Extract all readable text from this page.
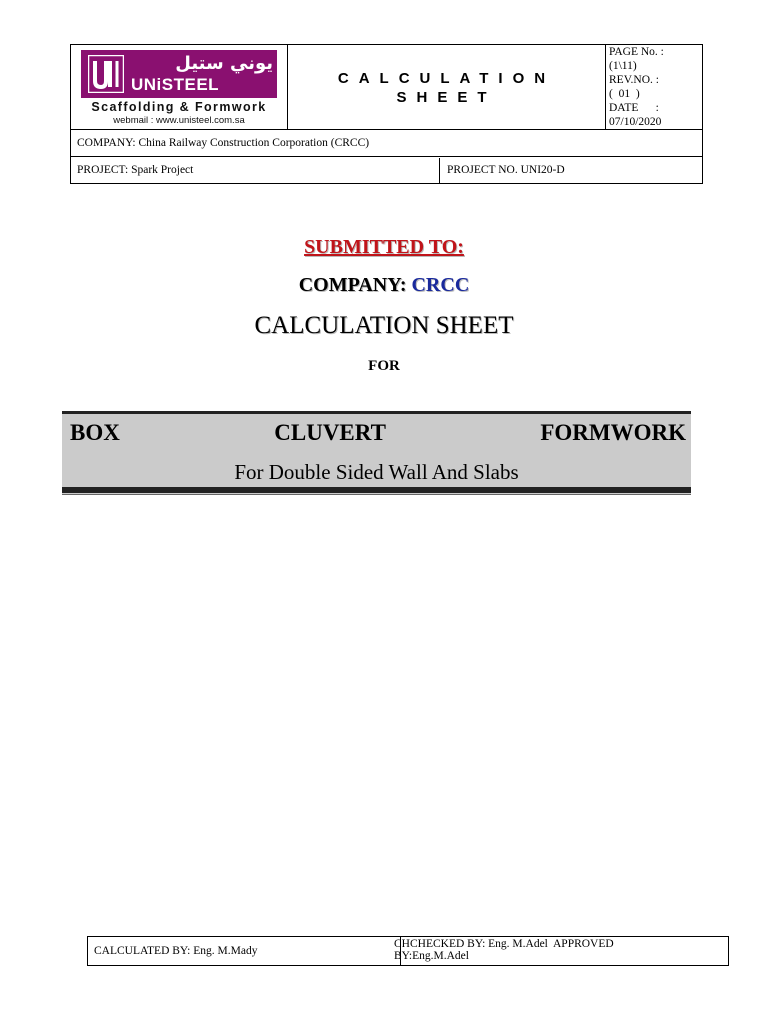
يوني ستيل
UNiSTEEL
Scaffolding & Formwork
webmail : www.unisteel.com.sa
CALCULATION
SHEET
PAGE No. :
(1\11)
REV.NO. :
(  01  )
DATE      :
07/10/2020
COMPANY: China Railway Construction Corporation (CRCC)
PROJECT: Spark Project	PROJECT NO. UNI20-D
SUBMITTED TO:
COMPANY: CRCC
CALCULATION SHEET
FOR
BOX	CLUVERT	FORMWORK
For Double Sided Wall And Slabs
CALCULATED BY: Eng. M.Mady
CHCHECKED BY: Eng. M.Adel  APPROVED
BY:Eng.M.Adel
